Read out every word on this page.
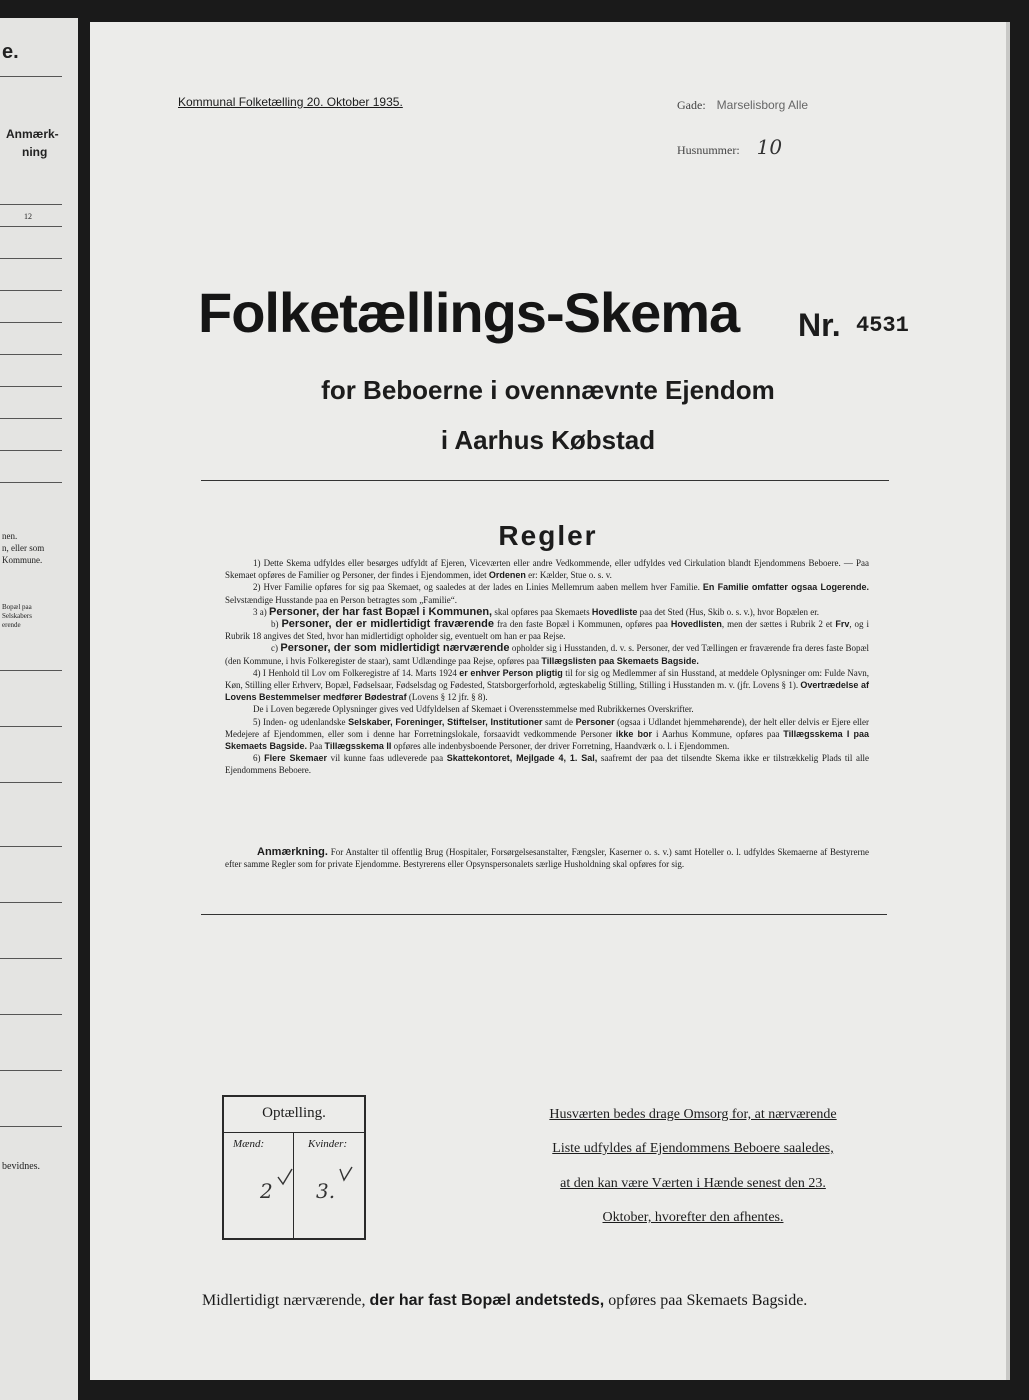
e.
Anmærk-
ning
12
nen.
n, eller som
Kommune.
Bopæl paa
Selskabers
erende
bevidnes.
Kommunal Folketælling 20. Oktober 1935.	Gade: Marselisborg Alle
Husnummer: 10
Folketællings-Skema Nr. 4531
for Beboerne i ovennævnte Ejendom
i Aarhus Købstad
Regler

1) Dette Skema udfyldes eller besørges udfyldt af Ejeren, Viceværten eller andre Vedkommende, eller udfyldes ved Cirkulation blandt Ejendommens Beboere. — Paa Skemaet opføres de Familier og Personer, der findes i Ejendommen, idet Ordenen er: Kælder, Stue o. s. v.

2) Hver Familie opføres for sig paa Skemaet, og saaledes at der lades en Linies Mellemrum aaben mellem hver Familie. En Familie omfatter ogsaa Logerende. Selvstændige Husstande paa en Person betragtes som „Familie“.

3 a) Personer, der har fast Bopæl i Kommunen, skal opføres paa Skemaets Hovedliste paa det Sted (Hus, Skib o. s. v.), hvor Bopælen er.

b) Personer, der er midlertidigt fraværende fra den faste Bopæl i Kommunen, opføres paa Hovedlisten, men der sættes i Rubrik 2 et Frv, og i Rubrik 18 angives det Sted, hvor han midlertidigt opholder sig, eventuelt om han er paa Rejse.

c) Personer, der som midlertidigt nærværende opholder sig i Husstanden, d. v. s. Personer, der ved Tællingen er fraværende fra deres faste Bopæl (den Kommune, i hvis Folkeregister de staar), samt Udlændinge paa Rejse, opføres paa Tillægslisten paa Skemaets Bagside.

4) I Henhold til Lov om Folkeregistre af 14. Marts 1924 er enhver Person pligtig til for sig og Medlemmer af sin Husstand, at meddele Oplysninger om: Fulde Navn, Køn, Stilling eller Erhverv, Bopæl, Fødselsaar, Fødselsdag og Fødested, Statsborgerforhold, ægteskabelig Stilling, Stilling i Husstanden m. v. (jfr. Lovens § 1). Overtrædelse af Lovens Bestemmelser medfører Bødestraf (Lovens § 12 jfr. § 8).

De i Loven begærede Oplysninger gives ved Udfyldelsen af Skemaet i Overensstemmelse med Rubrikkernes Overskrifter.

5) Inden- og udenlandske Selskaber, Foreninger, Stiftelser, Institutioner samt de Personer (ogsaa i Udlandet hjemmehørende), der helt eller delvis er Ejere eller Medejere af Ejendommen, eller som i denne har Forretningslokale, forsaavidt vedkommende Personer ikke bor i Aarhus Kommune, opføres paa Tillægsskema I paa Skemaets Bagside. Paa Tillægsskema II opføres alle indenbysboende Personer, der driver Forretning, Haandværk o. l. i Ejendommen.

6) Flere Skemaer vil kunne faas udleverede paa Skattekontoret, Mejlgade 4, 1. Sal, saafremt der paa det tilsendte Skema ikke er tilstrækkelig Plads til alle Ejendommens Beboere.

Anmærkning. For Anstalter til offentlig Brug (Hospitaler, Forsørgelsesanstalter, Fængsler, Kaserner o. s. v.) samt Hoteller o. l. udfyldes Skemaerne af Bestyrerne efter samme Regler som for private Ejendomme. Bestyrerens eller Opsynspersonalets særlige Husholdning skal opføres for sig.

Optælling.
Mænd:	Kvinder:
2 3.
Husværten bedes drage Omsorg for, at nærværende
Liste udfyldes af Ejendommens Beboere saaledes,
at den kan være Værten i Hænde senest den 23.
Oktober, hvorefter den afhentes.
Midlertidigt nærværende, der har fast Bopæl andetsteds, opføres paa Skemaets Bagside.
